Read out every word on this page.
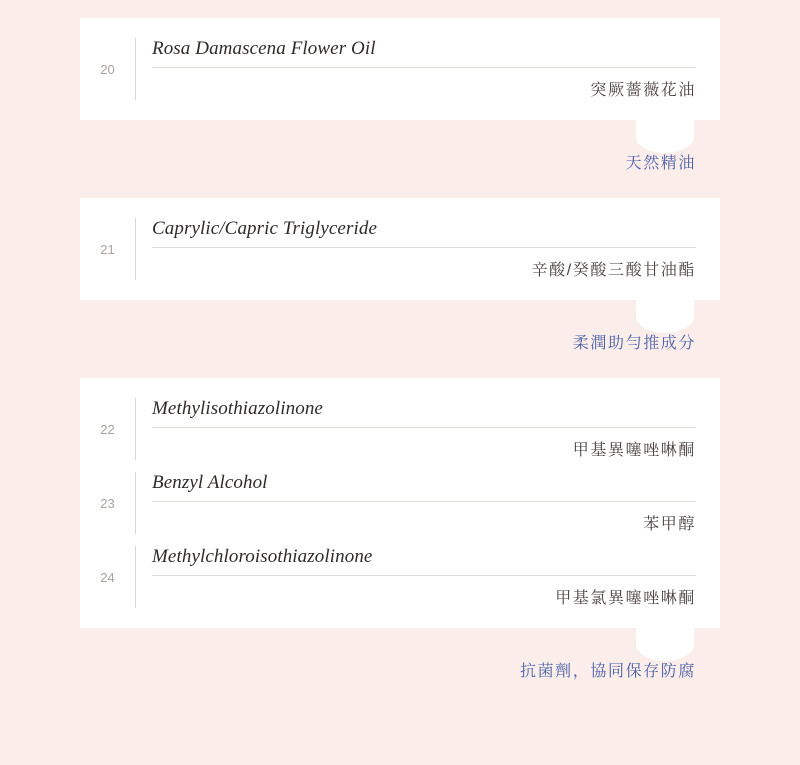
20
Rosa Damascena Flower Oil
突厥薔薇花油
天然精油
21
Caprylic/Capric Triglyceride
辛酸/癸酸三酸甘油酯
柔潤助勻推成分
22
Methylisothiazolinone
甲基異噻唑啉酮
23
Benzyl Alcohol
苯甲醇
24
Methylchloroisothiazolinone
甲基氯異噻唑啉酮
抗菌劑，協同保存防腐
